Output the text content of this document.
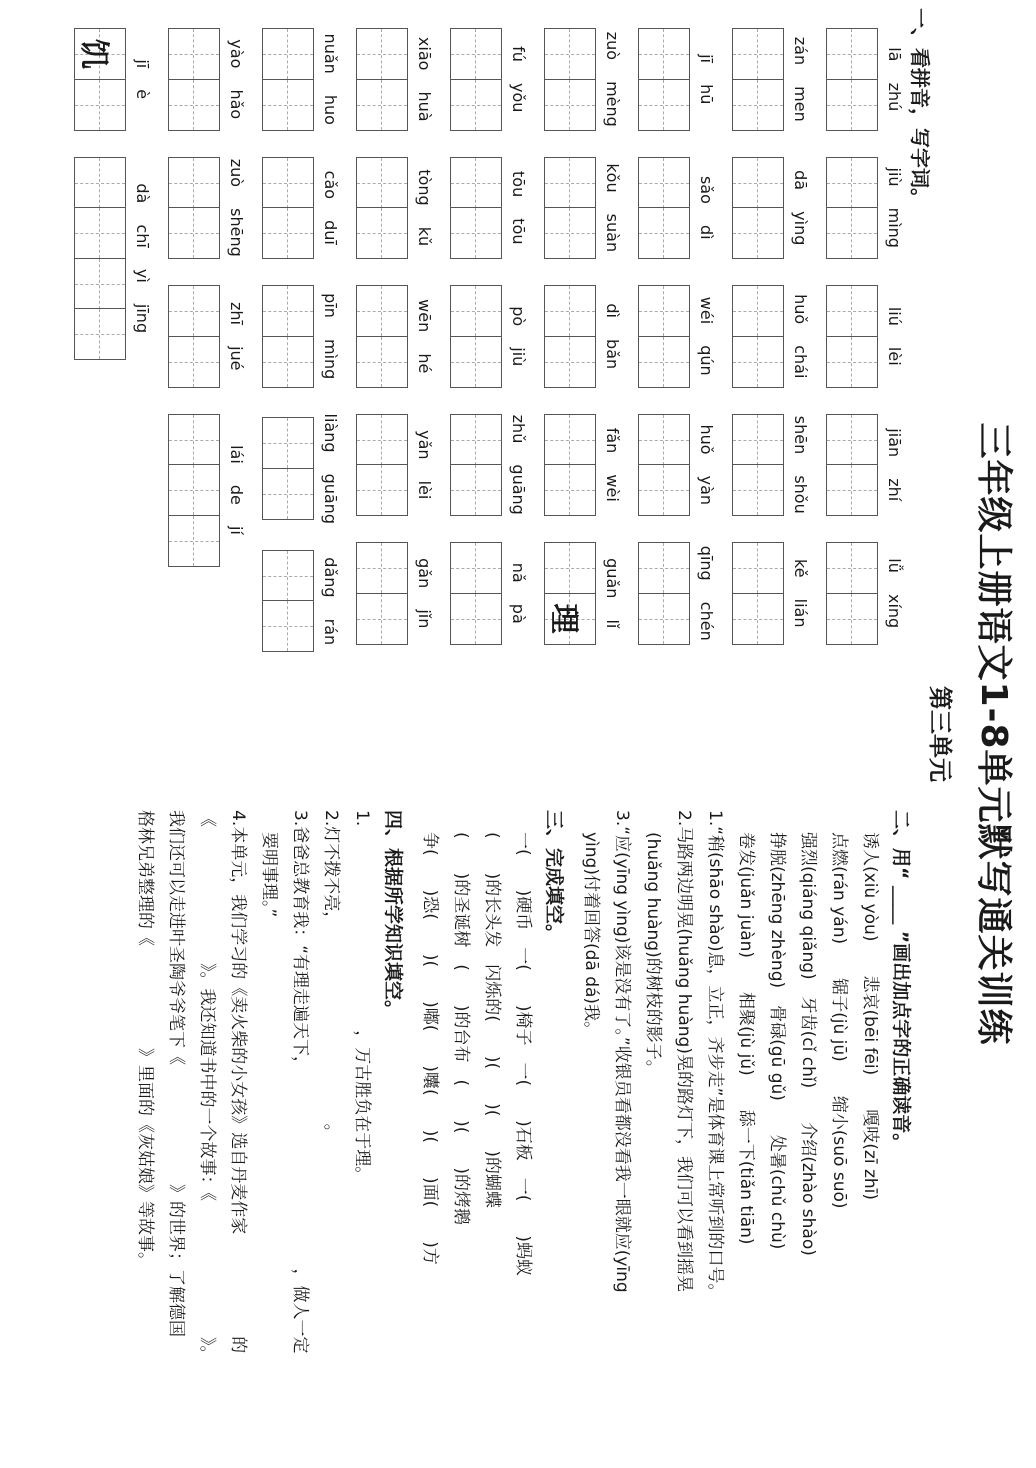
三年级上册语文1-8单元默写通关训练
第三单元
一、看拼音，写字词。
lā zhú
jiù mìng
liú lèi
jiān zhí
lǚ xíng
zán men
dā yìng
huǒ chái
shēn shǒu
kě lián
jī hū
sǎo dì
wéi qún
huǒ yàn
qīng chén
zuò mèng
kǒu suàn
dì bǎn
fǎn wèi
guǎn lǐ
理
fú yǒu
tōu tōu
pò jiù
zhǔ guāng
nǎ pà
xiāo huà
tòng kǔ
wēn hé
yǎn lèi
gǎn jǐn
nuǎn huo
cǎo duī
pīn mìng
liàng guāng
dǎng rán
yào hǎo
zuò shēng
zhī jué
lái de jí
jī è
饥
dà chī yì jīng
二、用“ ＿＿ ”画出加点字的正确读音。
诱人(xiù yòu)　　悲哀(bēi fēi)　　嘎吱(zī zhī)
点燃(rán yán)　　锯子(jù jū)　　缩小(suō suō)
强烈(qiáng qiǎng)　牙齿(cǐ chǐ)　　介绍(zhào shào)
挣脱(zhēng zhèng)　骨碌(gū gǔ)　　处暑(chǔ chù)
卷发(juǎn juàn)　　相聚(jù jǔ)　　舔一下(tiǎn tiān)
1.“稍(shāo shào)息，立正，齐步走”是体育课上常听到的口号。
2.马路两边明晃(huǎng huàng)晃的路灯下，我们可以看到摇晃
(huǎng huàng)的树枝的影子。
3.“应(yīng yìng)该是没有了。”收银员看都没看我一眼就应(yīng
yìng)付着回答(dā dá)我。
三、完成填空。
一(　　)硬币　一(　　)椅子　一(　　)石板　一(　　)蚂蚁
(　　)的长头发　闪烁的(　　)(　　)(　　)的蝴蝶
(　　)的圣诞树　(　　)的台布　(　　)(　　)的烤鹅
争(　　)恐(　　)(　　)嘟(　　)囔(　　)(　　)面(　　)方
四、根据所学知识填空。
1.　　　　　　　　　　　　，万古胜负在于理。
2.灯不拨不亮，　　　　　　　　　　　　。
3.爸爸总教育我：“有理走遍天下，　　　　　　　　　　　　，做人一定
要明事理。”
4.本单元，我们学习的《卖火柴的小女孩》选自丹麦作家　　　　　　的
《　　　　　　　　》。我还知道书中的一个故事：《　　　　　　　　》。
我们还可以走进叶圣陶爷爷笔下《　　　　　　　》的世界；了解德国
格林兄弟整理的《　　　　　　》里面的《灰姑娘》等故事。
